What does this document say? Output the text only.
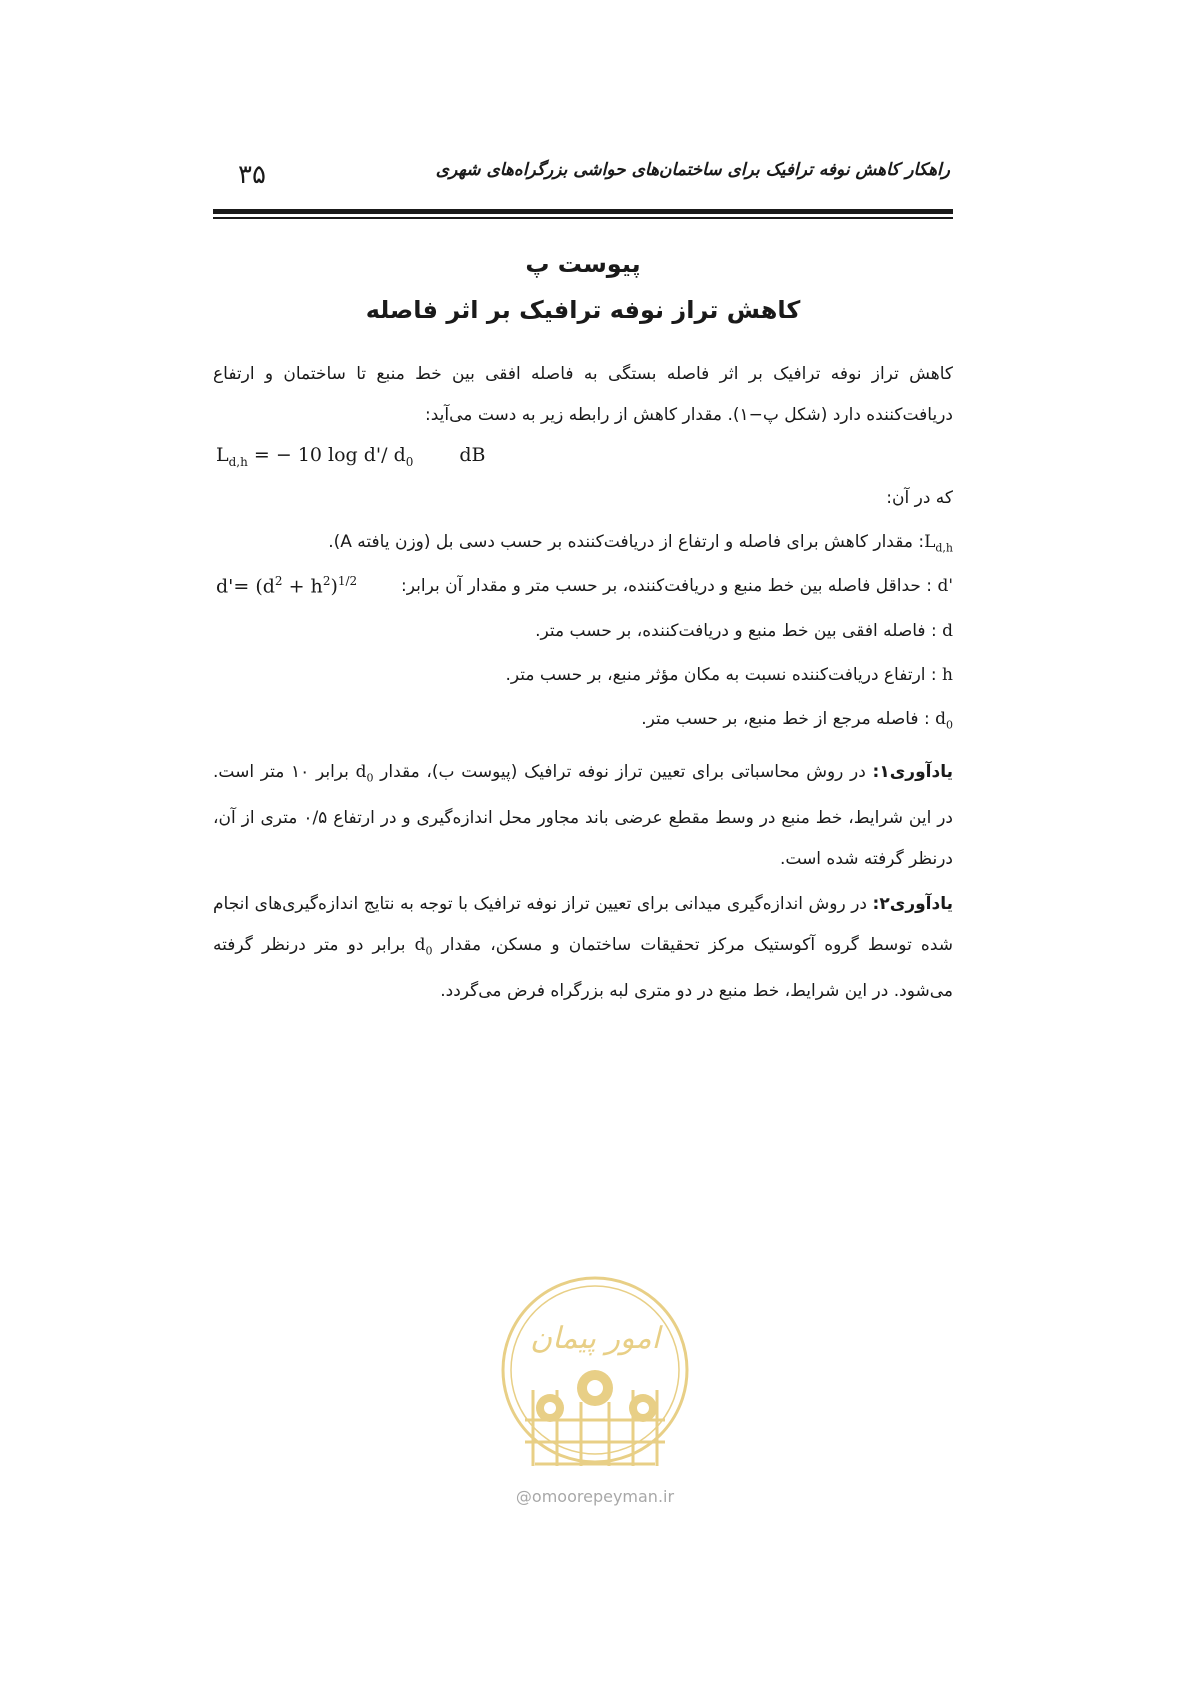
راهکار کاهش نوفه ترافیک برای ساختمان‌های حواشی بزرگراه‌های شهری
۳۵
پیوست پ
کاهش تراز نوفه ترافیک بر اثر فاصله
کاهش تراز نوفه ترافیک بر اثر فاصله بستگی به فاصله افقی بین خط منبع تا ساختمان و ارتفاع دریافت‌کننده دارد (شکل پ−۱). مقدار کاهش از رابطه زیر به دست می‌آید:
$L_{d,h}$ = − 10 log d'/ $d_0$ dB
که در آن:
$L_{d,h}$: مقدار کاهش برای فاصله و ارتفاع از دریافت‌کننده بر حسب دسی بل (وزن یافته A).
d' : حداقل فاصله بین خط منبع و دریافت‌کننده، بر حسب متر و مقدار آن برابر:
$d'= (d^2 + h^2)^{1/2}$
d : فاصله افقی بین خط منبع و دریافت‌کننده، بر حسب متر.
h : ارتفاع دریافت‌کننده نسبت به مکان مؤثر منبع، بر حسب متر.
$d_0$ : فاصله مرجع از خط منبع، بر حسب متر.
یادآوری۱: در روش محاسباتی برای تعیین تراز نوفه ترافیک (پیوست ب)، مقدار $d_0$ برابر ۱۰ متر است. در این شرایط، خط منبع در وسط مقطع عرضی باند مجاور محل اندازه‌گیری و در ارتفاع ۰/۵ متری از آن، درنظر گرفته شده است.
یادآوری۲: در روش اندازه‌گیری میدانی برای تعیین تراز نوفه ترافیک با توجه به نتایج اندازه‌گیری‌های انجام شده توسط گروه آکوستیک مرکز تحقیقات ساختمان و مسکن، مقدار $d_0$ برابر دو متر درنظر گرفته می‌شود. در این شرایط، خط منبع در دو متری لبه بزرگراه فرض می‌گردد.
امور پیمان
@omoorepeyman.ir
